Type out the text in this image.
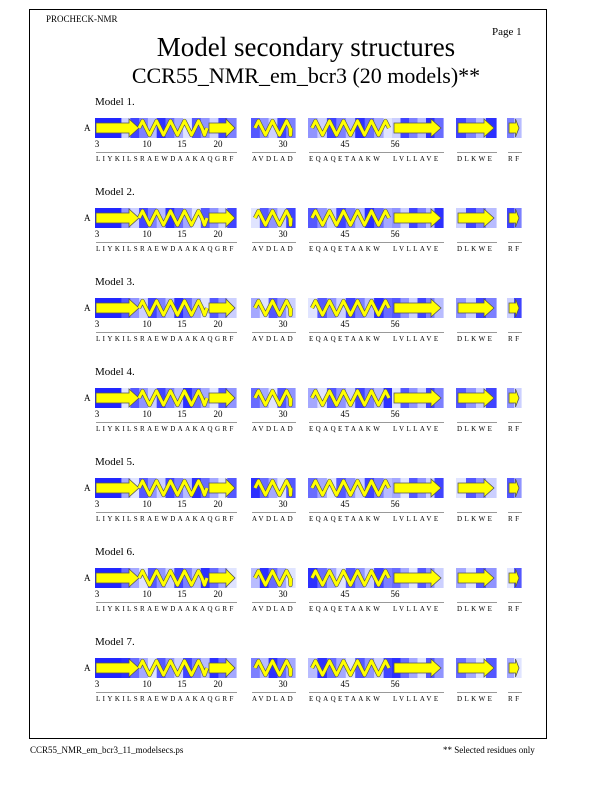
PROCHECK-NMR
Page 1
Model secondary structures
CCR55_NMR_em_bcr3 (20 models)**
Model 1.
A
3	10	15	20	30	45	56
LIYKILSRAEWDAAKAQGRF AVDLAD EQAQETAAKW LVLLAVE DLKWE RF
Model 2.
A
3	10	15	20	30	45	56
LIYKILSRAEWDAAKAQGRF AVDLAD EQAQETAAKW LVLLAVE DLKWE RF
Model 3.
A
3	10	15	20	30	45	56
LIYKILSRAEWDAAKAQGRF AVDLAD EQAQETAAKW LVLLAVE DLKWE RF
Model 4.
A
3	10	15	20	30	45	56
LIYKILSRAEWDAAKAQGRF AVDLAD EQAQETAAKW LVLLAVE DLKWE RF
Model 5.
A
3	10	15	20	30	45	56
LIYKILSRAEWDAAKAQGRF AVDLAD EQAQETAAKW LVLLAVE DLKWE RF
Model 6.
A
3	10	15	20	30	45	56
LIYKILSRAEWDAAKAQGRF AVDLAD EQAQETAAKW LVLLAVE DLKWE RF
Model 7.
A
3	10	15	20	30	45	56
LIYKILSRAEWDAAKAQGRF AVDLAD EQAQETAAKW LVLLAVE DLKWE RF
CCR55_NMR_em_bcr3_11_modelsecs.ps	** Selected residues only
